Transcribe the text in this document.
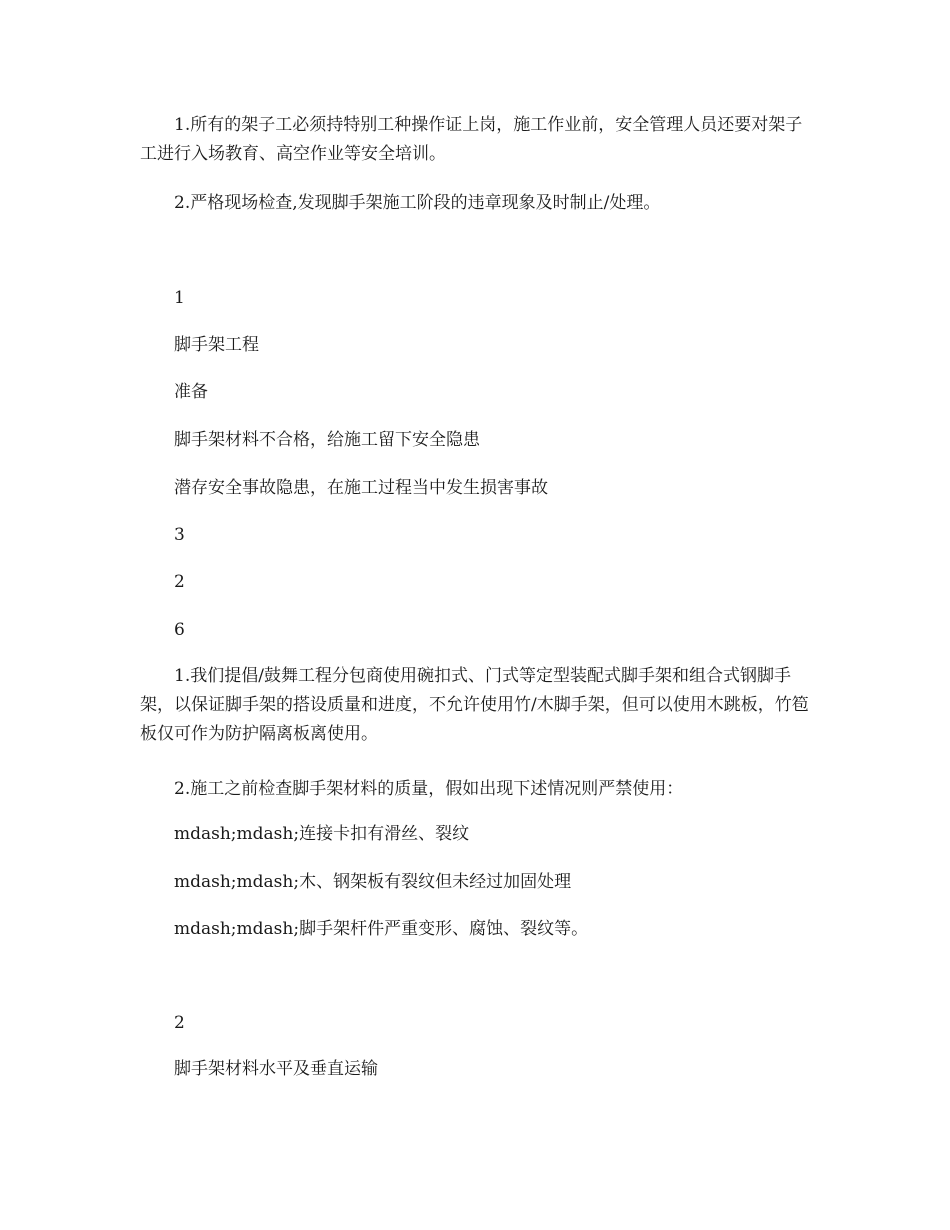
1.所有的架子工必须持特别工种操作证上岗，施工作业前，安全管理人员还要对架子工进行入场教育、高空作业等安全培训。

2.严格现场检查,发现脚手架施工阶段的违章现象及时制止/处理。

1

脚手架工程

准备

脚手架材料不合格，给施工留下安全隐患

潜存安全事故隐患，在施工过程当中发生损害事故

3

2

6

1.我们提倡/鼓舞工程分包商使用碗扣式、门式等定型装配式脚手架和组合式钢脚手架，以保证脚手架的搭设质量和进度，不允许使用竹/木脚手架，但可以使用木跳板，竹笣板仅可作为防护隔离板离使用。

2.施工之前检查脚手架材料的质量，假如出现下述情况则严禁使用：

mdash;mdash;连接卡扣有滑丝、裂纹

mdash;mdash;木、钢架板有裂纹但未经过加固处理

mdash;mdash;脚手架杆件严重变形、腐蚀、裂纹等。

2

脚手架材料水平及垂直运输
